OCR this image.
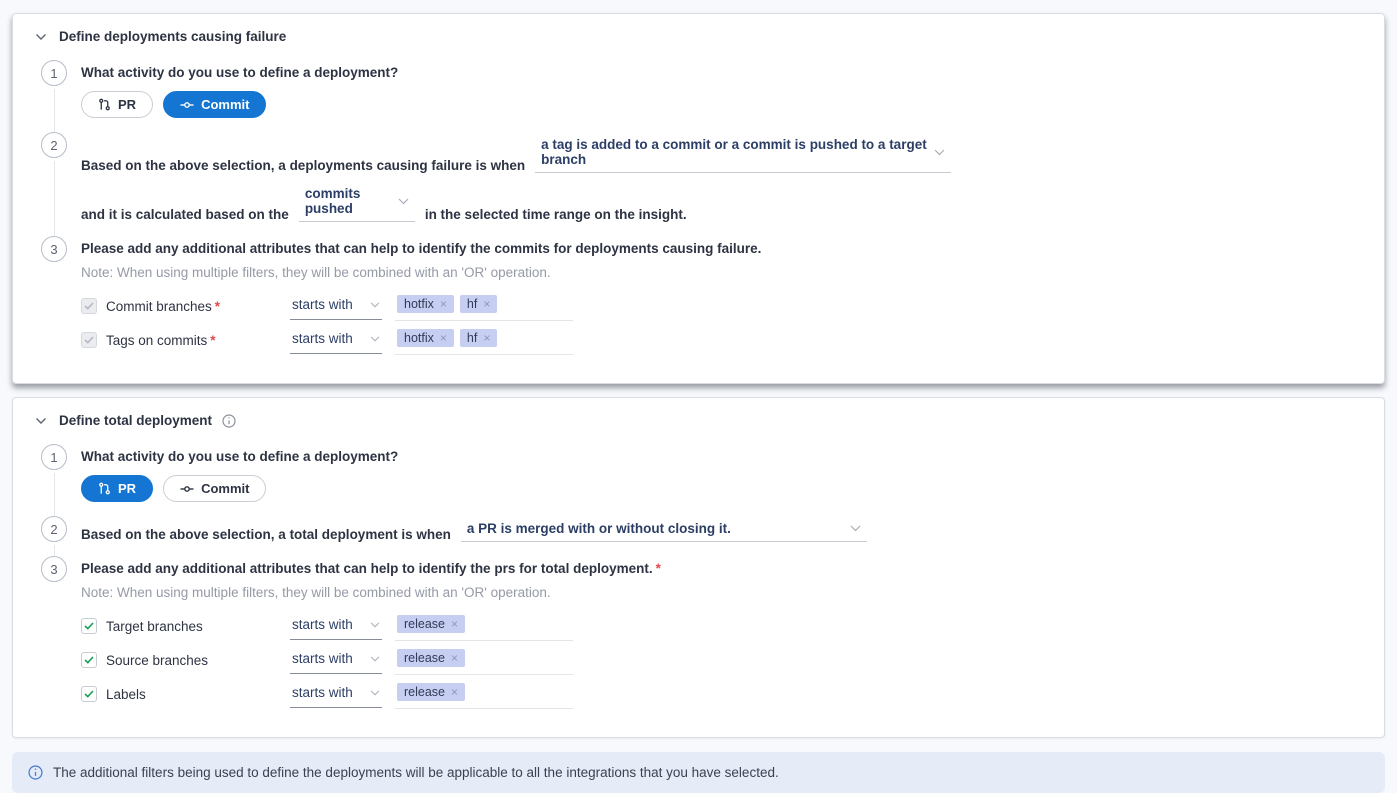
Define deployments causing failure
1	What activity do you use to define a deployment?
PR	Commit
2
Based on the above selection, a deployments causing failure is when
a tag is added to a commit or a commit is pushed to a target branch
and it is calculated based on the
commits pushed	in the selected time range on the insight.
3	Please add any additional attributes that can help to identify the commits for deployments causing failure.
Note: When using multiple filters, they will be combined with an 'OR' operation.
Commit branches *	starts with	hotfix × hf ×
Tags on commits *	starts with	hotfix × hf ×
Define total deployment
1	What activity do you use to define a deployment?
PR	Commit
2	Based on the above selection, a total deployment is when a PR is merged with or without closing it.
3	Please add any additional attributes that can help to identify the prs for total deployment. *
Note: When using multiple filters, they will be combined with an 'OR' operation.
Target branches	starts with	release ×
Source branches	starts with	release ×
Labels	starts with	release ×
The additional filters being used to define the deployments will be applicable to all the integrations that you have selected.
